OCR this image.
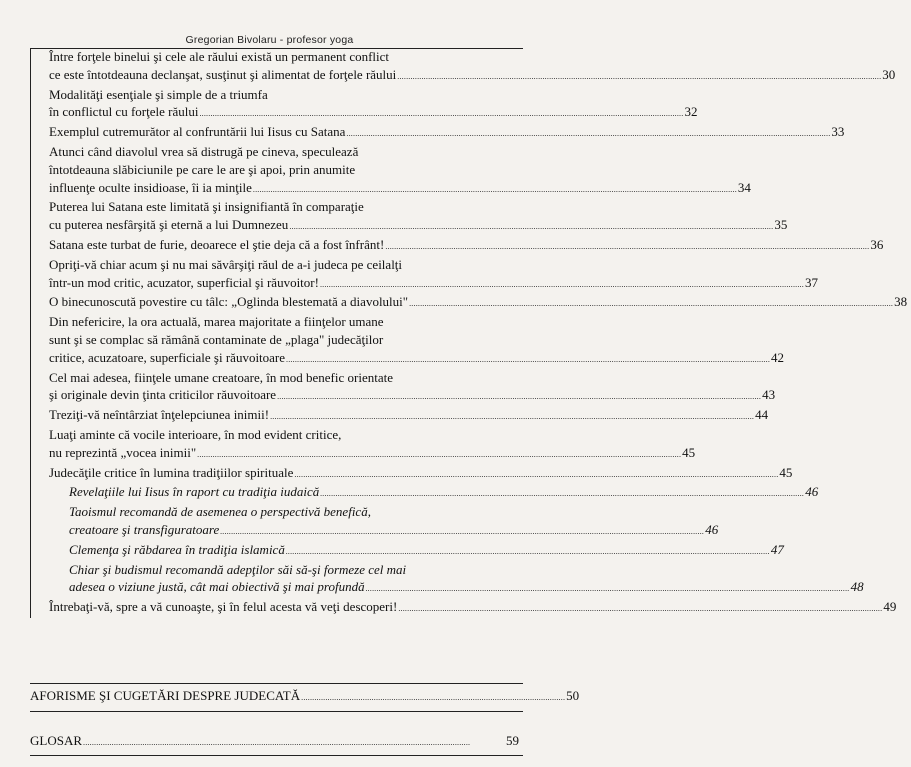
Gregorian Bivolaru - profesor yoga
Între forţele binelui şi cele ale răului există un permanent conflict
ce este întotdeauna declanşat, susţinut şi alimentat de forţele răului ............................................................................................................................................................................................................................ 30
Modalităţi esenţiale şi simple de a triumfa
în conflictul cu forţele răului ............................................................................................................................................................................................................................ 32
Exemplul cutremurător al confruntării lui Iisus cu Satana ............................................................................................................................................................................................................................ 33
Atunci când diavolul vrea să distrugă pe cineva, speculează
întotdeauna slăbiciunile pe care le are şi apoi, prin anumite
influenţe oculte insidioase, îi ia minţile ............................................................................................................................................................................................................................ 34
Puterea lui Satana este limitată şi insignifiantă în comparaţie
cu puterea nesfârşită şi eternă a lui Dumnezeu ............................................................................................................................................................................................................................ 35
Satana este turbat de furie, deoarece el ştie deja că a fost înfrânt! ............................................................................................................................................................................................................................ 36
Opriţi-vă chiar acum şi nu mai săvârşiţi răul de a-i judeca pe ceilalţi
într-un mod critic, acuzator, superficial şi răuvoitor! ............................................................................................................................................................................................................................ 37
O binecunoscută povestire cu tâlc: „Oglinda blestemată a diavolului" ............................................................................................................................................................................................................................ 38
Din nefericire, la ora actuală, marea majoritate a fiinţelor umane
sunt şi se complac să rămână contaminate de „plaga" judecăţilor
critice, acuzatoare, superficiale şi răuvoitoare ............................................................................................................................................................................................................................ 42
Cel mai adesea, fiinţele umane creatoare, în mod benefic orientate
şi originale devin ţinta criticilor răuvoitoare ............................................................................................................................................................................................................................ 43
Treziţi-vă neîntârziat înţelepciunea inimii! ............................................................................................................................................................................................................................ 44
Luaţi aminte că vocile interioare, în mod evident critice,
nu reprezintă „vocea inimii" ............................................................................................................................................................................................................................ 45
Judecăţile critice în lumina tradiţiilor spirituale ............................................................................................................................................................................................................................ 45
Revelaţiile lui Iisus în raport cu tradiţia iudaică ............................................................................................................................................................................................................................ 46
Taoismul recomandă de asemenea o perspectivă benefică,
creatoare şi transfiguratoare ............................................................................................................................................................................................................................ 46
Clemenţa şi răbdarea în tradiţia islamică ............................................................................................................................................................................................................................ 47
Chiar şi budismul recomandă adepţilor săi să-şi formeze cel mai
adesea o viziune justă, cât mai obiectivă şi mai profundă ............................................................................................................................................................................................................................ 48
Întrebaţi-vă, spre a vă cunoaşte, şi în felul acesta vă veţi descoperi! ............................................................................................................................................................................................................................ 49
AFORISME ŞI CUGETĂRI DESPRE JUDECATĂ ........................................................................................................................ 50
GLOSAR ................................................................................................................................................................................	59
